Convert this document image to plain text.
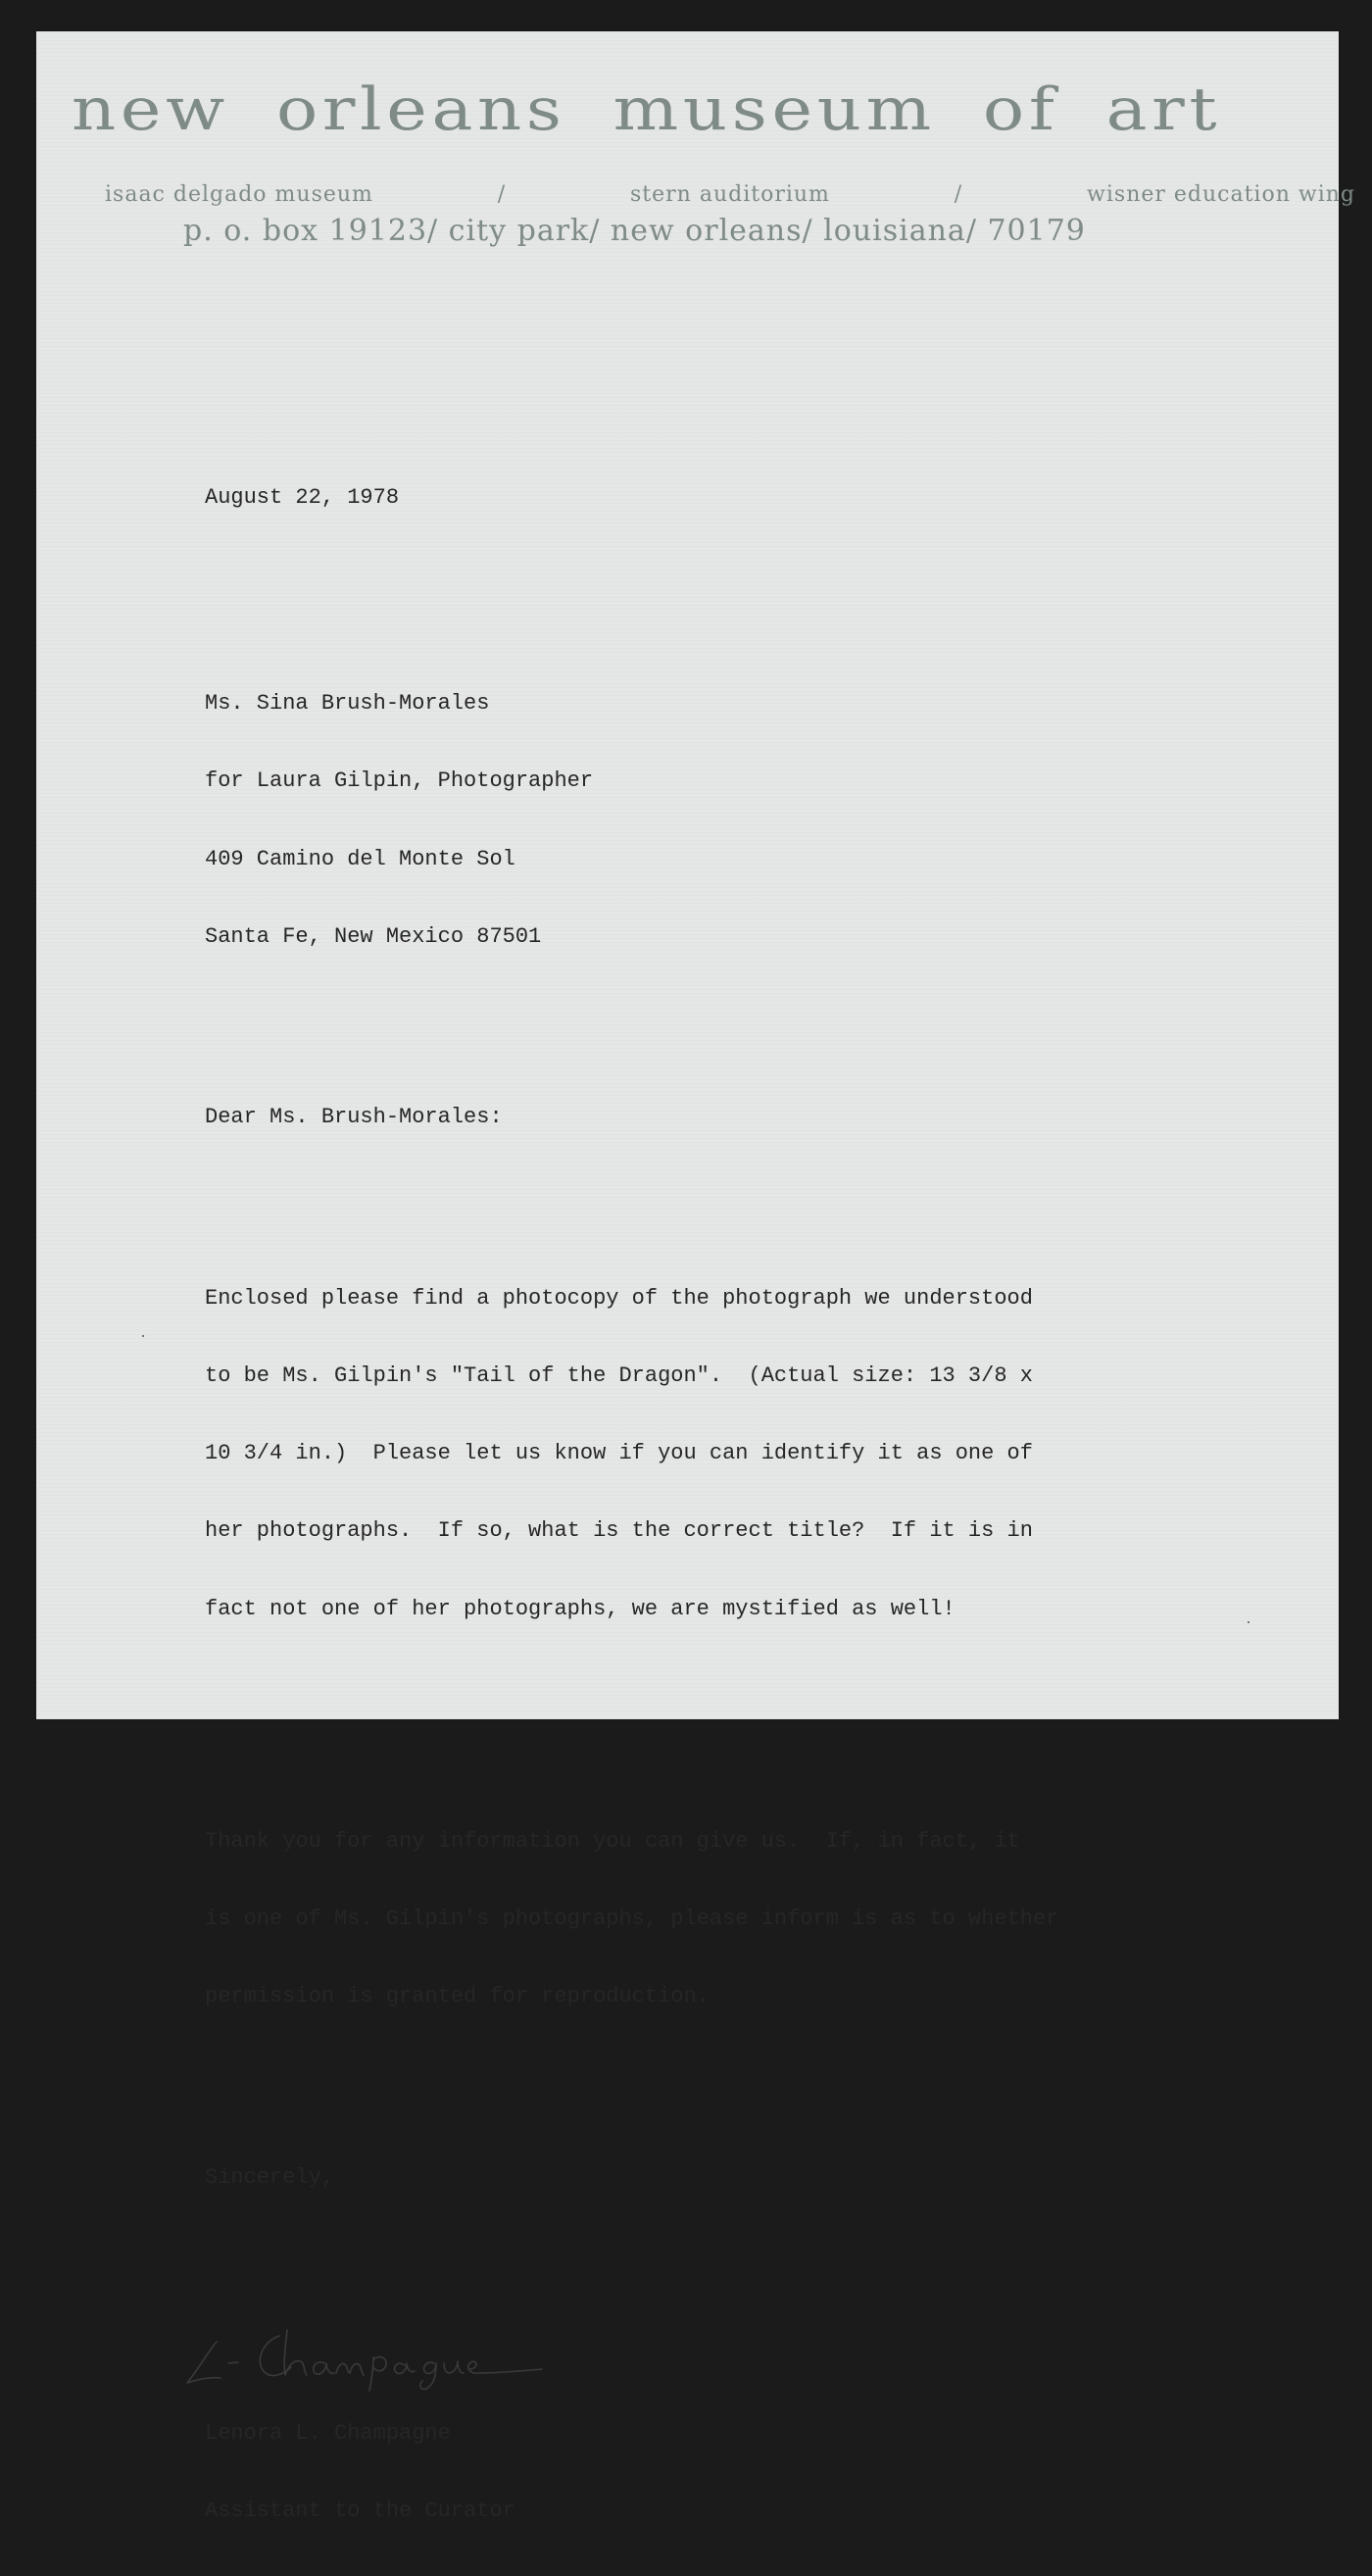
new orleans museum of art
isaac delgado museum	/	stern auditorium	/	wisner education wing
p. o. box 19123/ city park/ new orleans/ louisiana/ 70179

August 22, 1978

Ms. Sina Brush-Morales

for Laura Gilpin, Photographer

409 Camino del Monte Sol

Santa Fe, New Mexico 87501

Dear Ms. Brush-Morales:

Enclosed please find a photocopy of the photograph we understood

to be Ms. Gilpin's "Tail of the Dragon".  (Actual size: 13 3/8 x

10 3/4 in.)  Please let us know if you can identify it as one of

her photographs.  If so, what is the correct title?  If it is in

fact not one of her photographs, we are mystified as well!

Thank you for any information you can give us.  If, in fact, it

is one of Ms. Gilpin's photographs, please inform is as to whether

permission is granted for reproduction.

Sincerely,

Lenora L. Champagne

Assistant to the Curator
